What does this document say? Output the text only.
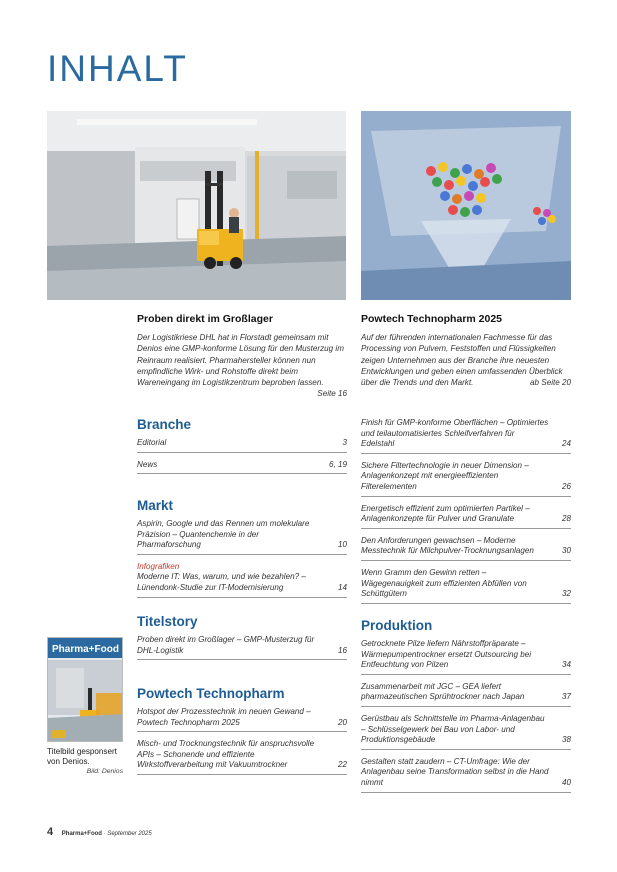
INHALT
Proben direkt im Großlager
Der Logistikriese DHL hat in Florstadt gemeinsam mit Denios eine GMP-konforme Lösung für den Musterzug im Reinraum realisiert. Pharmahersteller können nun empfindliche Wirk- und Rohstoffe direkt beim Wareneingang im Logistikzentrum beproben lassen.
Seite 16
Powtech Technopharm 2025
Auf der führenden internationalen Fachmesse für das Processing von Pulvern, Feststoffen und Flüssigkeiten zeigen Unternehmen aus der Branche ihre neuesten Entwicklungen und geben einen umfassenden Überblick über die Trends und den Markt.	ab Seite 20
Branche
Editorial	3
News	6, 19
Markt
Aspirin, Google und das Rennen um molekulare Präzision – Quantenchemie in der Pharmaforschung	10
Infografiken
Moderne IT: Was, warum, und wie bezahlen? – Lünendonk-Studie zur IT-Modernisierung	14
Titelstory
Proben direkt im Großlager – GMP-Musterzug für DHL-Logistik	16
Powtech Technopharm
Hotspot der Prozesstechnik im neuen Gewand – Powtech Technopharm 2025	20
Misch- und Trocknungstechnik für anspruchsvolle APIs – Schonende und effiziente Wirkstoffverarbeitung mit Vakuumtrockner	22
Finish für GMP-konforme Oberflächen – Optimiertes und teilautomatisiertes Schleifverfahren für Edelstahl	24
Sichere Filtertechnologie in neuer Dimension – Anlagenkonzept mit energieeffizienten Filterelementen	26
Energetisch effizient zum optimierten Partikel – Anlagenkonzepte für Pulver und Granulate	28
Den Anforderungen gewachsen – Moderne Messtechnik für Milchpulver-Trocknungsanlagen	30
Wenn Gramm den Gewinn retten – Wägegenauigkeit zum effizienten Abfüllen von Schüttgütern	32
Produktion
Getrocknete Pilze liefern Nährstoffpräparate – Wärmepumpentrockner ersetzt Outsourcing bei Entfeuchtung von Pilzen	34
Zusammenarbeit mit JGC – GEA liefert pharmazeutischen Sprühtrockner nach Japan	37
Gerüstbau als Schnittstelle im Pharma-Anlagenbau – Schlüsselgewerk bei Bau von Labor- und Produktionsgebäude	38
Gestalten statt zaudern – CT-Umfrage: Wie der Anlagenbau seine Transformation selbst in die Hand nimmt	40
Pharma+Food
Titelbild gesponsert von Denios.
Bild: Denios
4 Pharma+Food · September 2025
